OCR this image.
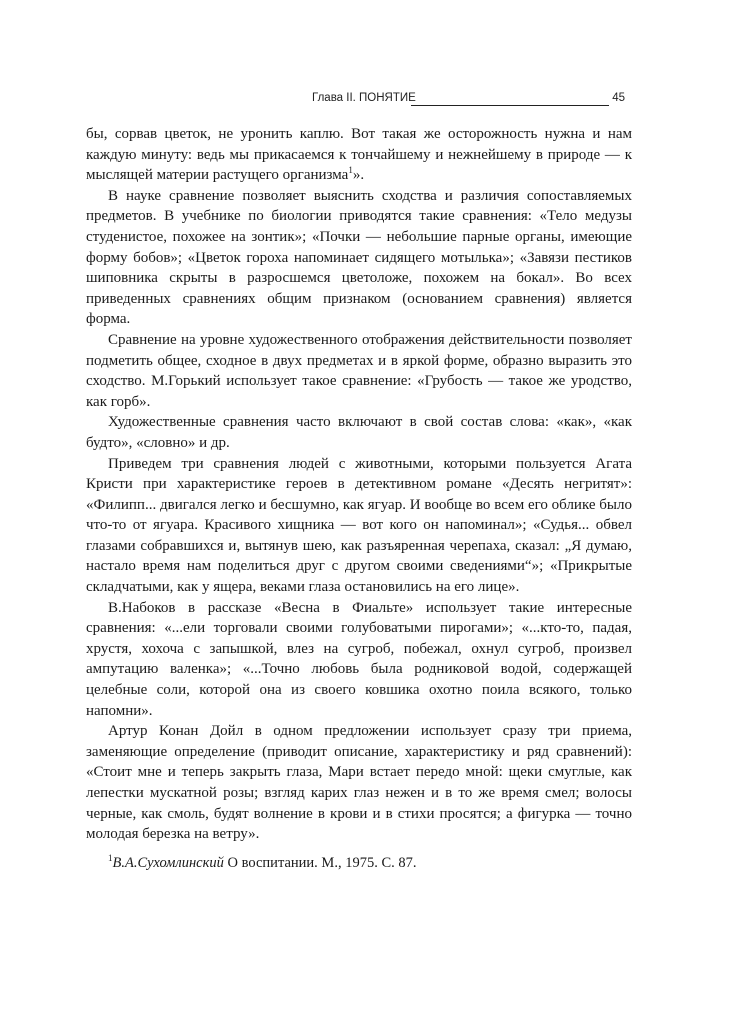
Глава II. ПОНЯТИЕ	45

бы, сорвав цветок, не уронить каплю. Вот такая же осторожность нужна и нам каждую минуту: ведь мы прикасаемся к тончайшему и нежнейшему в природе — к мыслящей материи растущего организма$^1$».

В науке сравнение позволяет выяснить сходства и различия сопоставляемых предметов. В учебнике по биологии приводятся такие сравнения: «Тело медузы студенистое, похожее на зонтик»; «Почки — небольшие парные органы, имеющие форму бобов»; «Цветок гороха напоминает сидящего мотылька»; «Завязи пестиков шиповника скрыты в разросшемся цветоложе, похожем на бокал». Во всех приведенных сравнениях общим признаком (основанием сравнения) является форма.

Сравнение на уровне художественного отображения действительности позволяет подметить общее, сходное в двух предметах и в яркой форме, образно выразить это сходство. М.Горький использует такое сравнение: «Грубость — такое же уродство, как горб».

Художественные сравнения часто включают в свой состав слова: «как», «как будто», «словно» и др.

Приведем три сравнения людей с животными, которыми пользуется Агата Кристи при характеристике героев в детективном романе «Десять негритят»: «Филипп... двигался легко и бесшумно, как ягуар. И вообще во всем его облике было что-то от ягуара. Красивого хищника — вот кого он напоминал»; «Судья... обвел глазами собравшихся и, вытянув шею, как разъяренная черепаха, сказал: „Я думаю, настало время нам поделиться друг с другом своими сведениями“»; «Прикрытые складчатыми, как у ящера, веками глаза остановились на его лице».

В.Набоков в рассказе «Весна в Фиальте» использует такие интересные сравнения: «...ели торговали своими голубоватыми пирогами»; «...кто-то, падая, хрустя, хохоча с запышкой, влез на сугроб, побежал, охнул сугроб, произвел ампутацию валенка»; «...Точно любовь была родниковой водой, содержащей целебные соли, которой она из своего ковшика охотно поила всякого, только напомни».

Артур Конан Дойл в одном предложении использует сразу три приема, заменяющие определение (приводит описание, характеристику и ряд сравнений): «Стоит мне и теперь закрыть глаза, Мари встает передо мной: щеки смуглые, как лепестки мускатной розы; взгляд карих глаз нежен и в то же время смел; волосы черные, как смоль, будят волнение в крови и в стихи просятся; а фигурка — точно молодая березка на ветру».

$^1$В.А.Сухомлинский О воспитании. М., 1975. С. 87.
